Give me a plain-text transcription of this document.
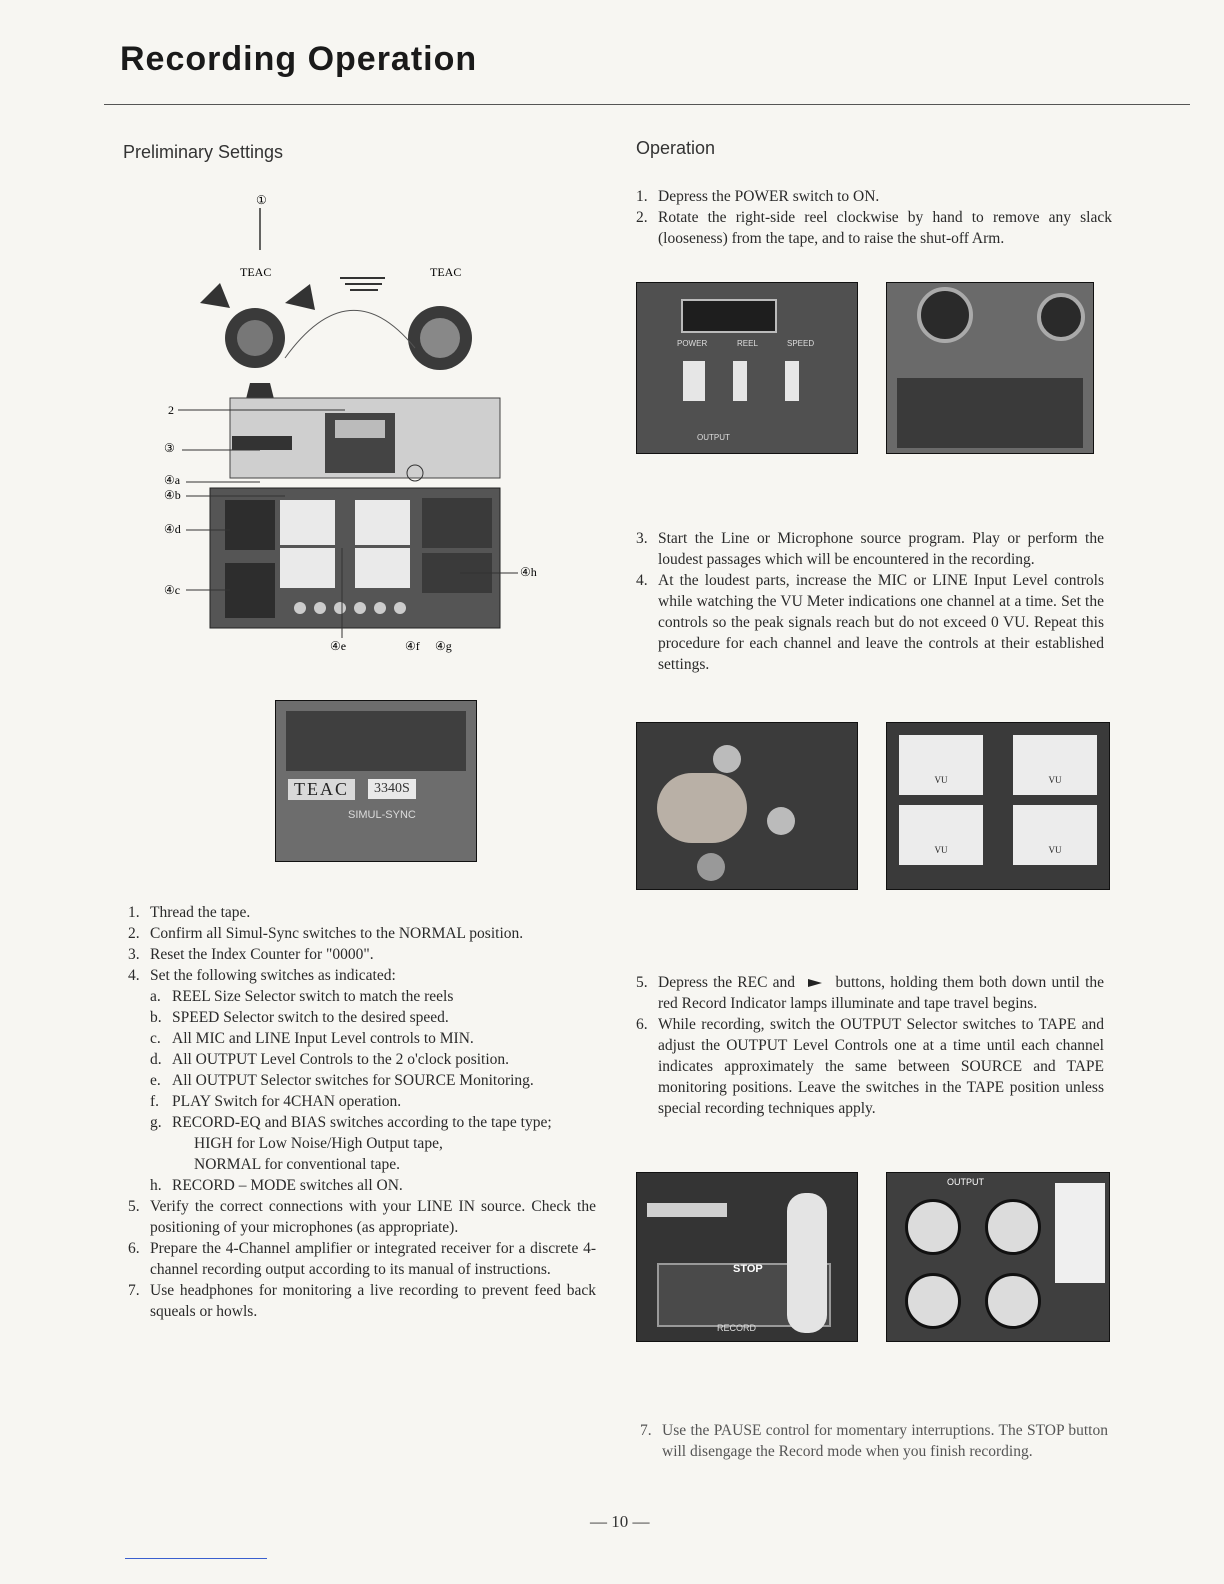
Recording Operation
Preliminary Settings
TEAC	TEAC
①
2
③
④a
④b
④d
④c
④e	④f ④g
④h
TEAC	3340S
SIMUL-SYNC
1. Thread the tape.
2. Confirm all Simul-Sync switches to the NORMAL position.
3. Reset the Index Counter for "0000".
4. Set the following switches as indicated:
a. REEL Size Selector switch to match the reels
b. SPEED Selector switch to the desired speed.
c. All MIC and LINE Input Level controls to MIN.
d. All OUTPUT Level Controls to the 2 o'clock position.
e. All OUTPUT Selector switches for SOURCE Monitoring.
f. PLAY Switch for 4CHAN operation.
g. RECORD-EQ and BIAS switches according to the tape type;
HIGH for Low Noise/High Output tape,
NORMAL for conventional tape.
h. RECORD – MODE switches all ON.
5. Verify the correct connections with your LINE IN source. Check the positioning of your microphones (as appropriate).
6. Prepare the 4-Channel amplifier or integrated receiver for a discrete 4-channel recording output according to its manual of instructions.
7. Use headphones for monitoring a live recording to prevent feed back squeals or howls.
Operation
1. Depress the POWER switch to ON.
2. Rotate the right-side reel clockwise by hand to remove any slack (looseness) from the tape, and to raise the shut-off Arm.
POWER	REEL	SPEED
OUTPUT
3. Start the Line or Microphone source program. Play or perform the loudest passages which will be encountered in the recording.
4. At the loudest parts, increase the MIC or LINE Input Level controls while watching the VU Meter indications one channel at a time. Set the controls so the peak signals reach but do not exceed 0 VU. Repeat this procedure for each channel and leave the controls at their established settings.
VU	VU
VU	VU
5. Depress the REC and	buttons, holding them both down until the red Record Indicator lamps illuminate and tape travel begins.
6. While recording, switch the OUTPUT Selector switches to TAPE and adjust the OUTPUT Level Controls one at a time until each channel indicates approximately the same between SOURCE and TAPE monitoring positions. Leave the switches in the TAPE position unless special recording techniques apply.
STOP
RECORD
OUTPUT
7. Use the PAUSE control for momentary interruptions. The STOP button will disengage the Record mode when you finish recording.
— 10 —
